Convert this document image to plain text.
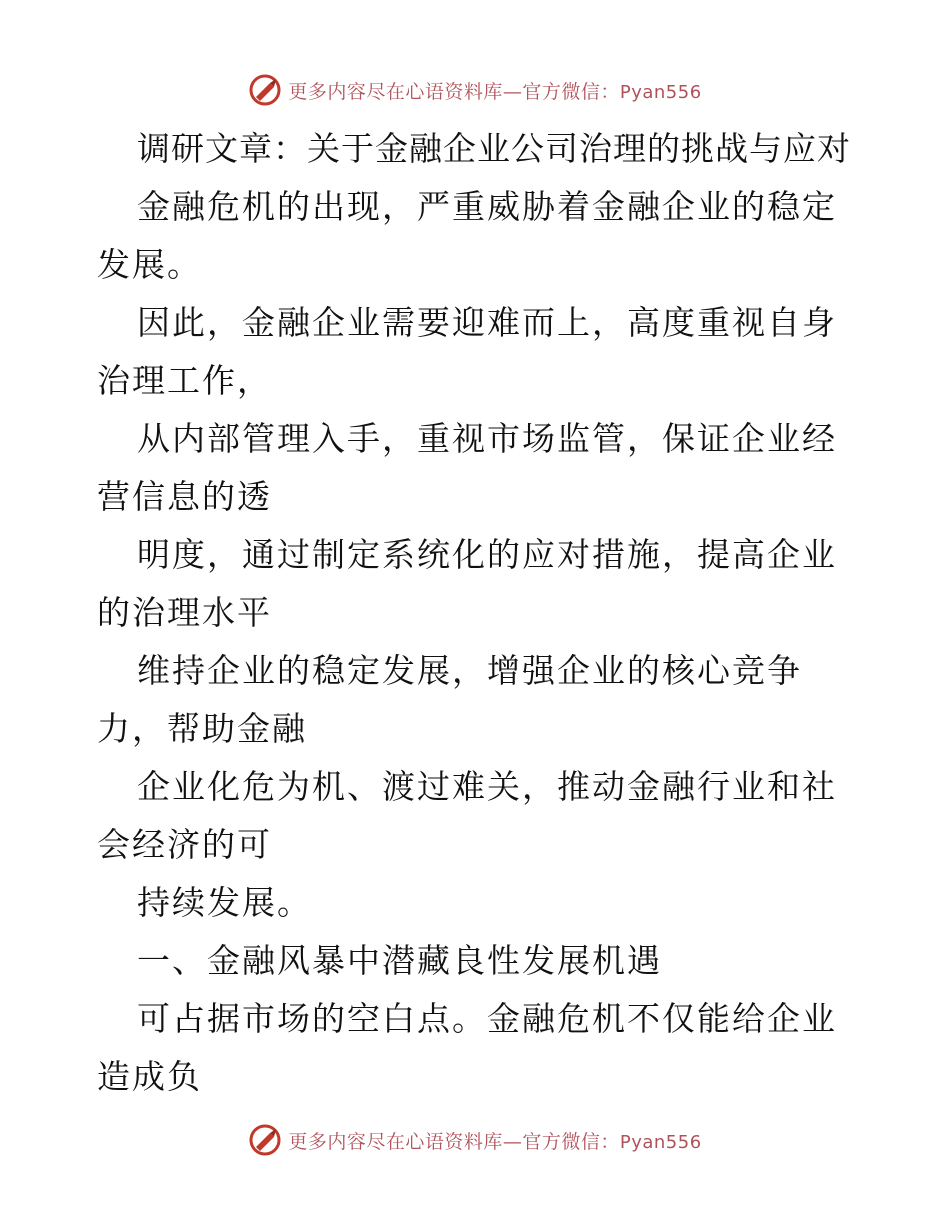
更多内容尽在心语资料库—官方微信：Pyan556

调研文章：关于金融企业公司治理的挑战与应对

金融危机的出现，严重威胁着金融企业的稳定发展。

因此，金融企业需要迎难而上，高度重视自身治理工作，

从内部管理入手，重视市场监管，保证企业经营信息的透

明度，通过制定系统化的应对措施，提高企业的治理水平

维持企业的稳定发展，增强企业的核心竞争力，帮助金融

企业化危为机、渡过难关，推动金融行业和社会经济的可

持续发展。

一、金融风暴中潜藏良性发展机遇

可占据市场的空白点。金融危机不仅能给企业造成负

更多内容尽在心语资料库—官方微信：Pyan556
